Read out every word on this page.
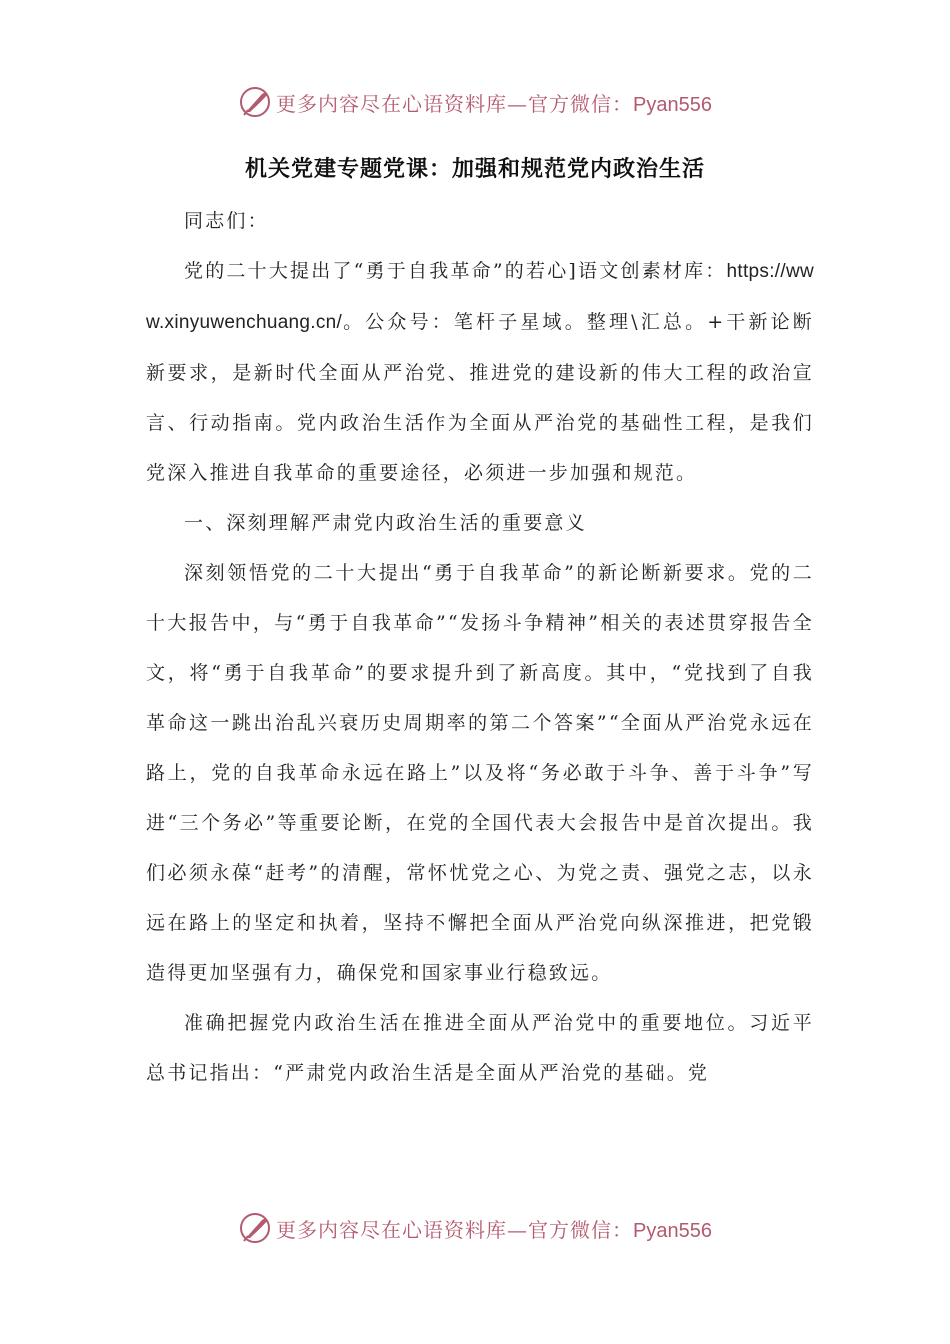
更多内容尽在心语资料库—官方微信：Pyan556
机关党建专题党课：加强和规范党内政治生活

同志们：

党的二十大提出了“勇于自我革命”的若心]语文创素材库：https://www.xinyuwenchuang.cn/。公众号：笔杆子星域。整理\汇总。+干新论断新要求，是新时代全面从严治党、推进党的建设新的伟大工程的政治宣言、行动指南。党内政治生活作为全面从严治党的基础性工程，是我们党深入推进自我革命的重要途径，必须进一步加强和规范。

一、深刻理解严肃党内政治生活的重要意义

深刻领悟党的二十大提出“勇于自我革命”的新论断新要求。党的二十大报告中，与“勇于自我革命”“发扬斗争精神”相关的表述贯穿报告全文，将“勇于自我革命”的要求提升到了新高度。其中，“党找到了自我革命这一跳出治乱兴衰历史周期率的第二个答案”“全面从严治党永远在路上，党的自我革命永远在路上”以及将“务必敢于斗争、善于斗争”写进“三个务必”等重要论断，在党的全国代表大会报告中是首次提出。我们必须永葆“赶考”的清醒，常怀忧党之心、为党之责、强党之志，以永远在路上的坚定和执着，坚持不懈把全面从严治党向纵深推进，把党锻造得更加坚强有力，确保党和国家事业行稳致远。

准确把握党内政治生活在推进全面从严治党中的重要地位。习近平总书记指出：“严肃党内政治生活是全面从严治党的基础。党

更多内容尽在心语资料库—官方微信：Pyan556
